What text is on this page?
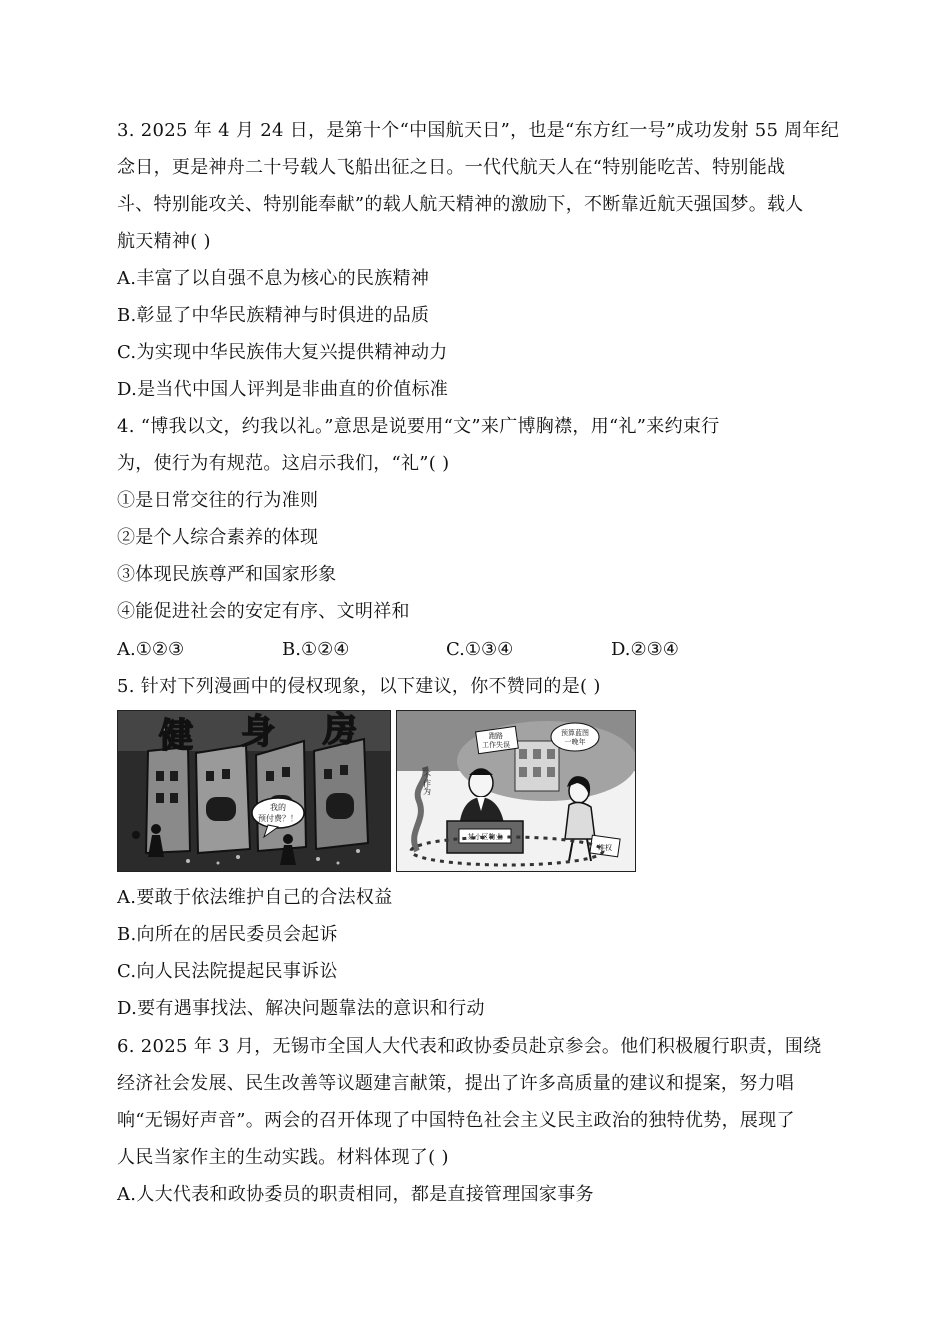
3. 2025 年 4 月 24 日，是第十个“中国航天日”，也是“东方红一号”成功发射 55 周年纪
念日，更是神舟二十号载人飞船出征之日。一代代航天人在“特别能吃苦、特别能战
斗、特别能攻关、特别能奉献”的载人航天精神的激励下，不断靠近航天强国梦。载人
航天精神( )
A.丰富了以自强不息为核心的民族精神
B.彰显了中华民族精神与时俱进的品质
C.为实现中华民族伟大复兴提供精神动力
D.是当代中国人评判是非曲直的价值标准
4. “博我以文，约我以礼。”意思是说要用“文”来广博胸襟，用“礼”来约束行
为，使行为有规范。这启示我们，“礼”( )
①是日常交往的行为准则
②是个人综合素养的体现
③体现民族尊严和国家形象
④能促进社会的安定有序、文明祥和
A.①②③	B.①②④	C.①③④	D.②③④
5. 针对下列漫画中的侵权现象，以下建议，你不赞同的是( )
健 身 房
我的
预付费？！
跑路
工作失误
预算蓝图
一晚年
不作为
某小区物业
维权
A.要敢于依法维护自己的合法权益
B.向所在的居民委员会起诉
C.向人民法院提起民事诉讼
D.要有遇事找法、解决问题靠法的意识和行动
6. 2025 年 3 月，无锡市全国人大代表和政协委员赴京参会。他们积极履行职责，围绕
经济社会发展、民生改善等议题建言献策，提出了许多高质量的建议和提案，努力唱
响“无锡好声音”。两会的召开体现了中国特色社会主义民主政治的独特优势，展现了
人民当家作主的生动实践。材料体现了( )
A.人大代表和政协委员的职责相同，都是直接管理国家事务
